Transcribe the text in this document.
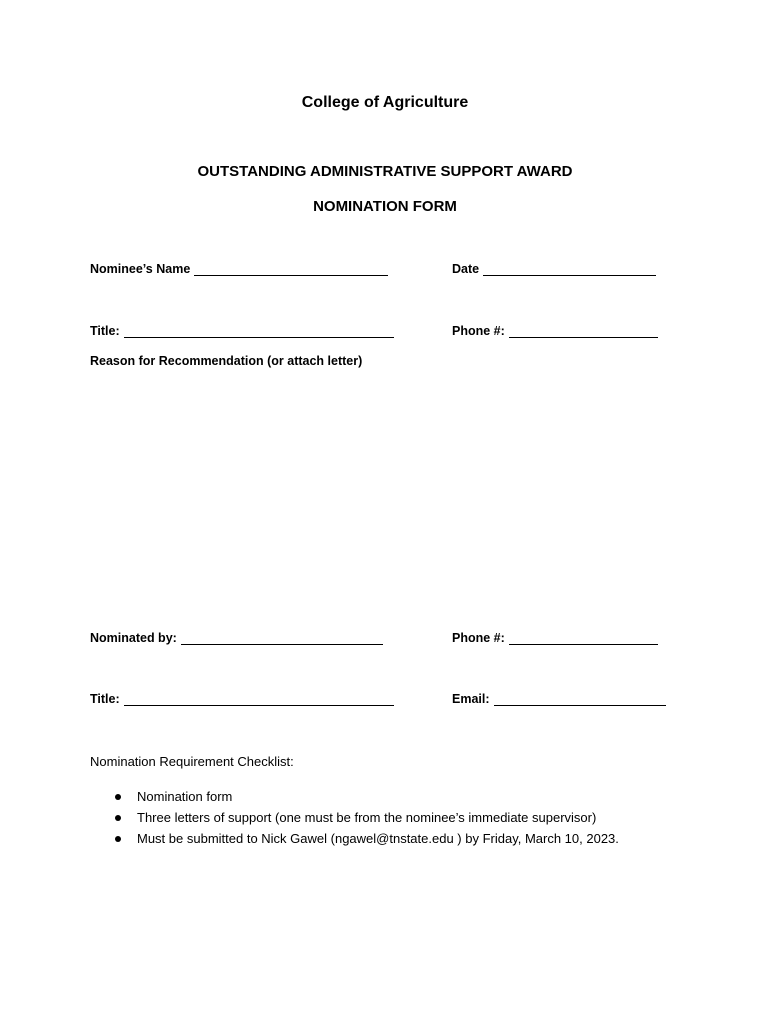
College of Agriculture
OUTSTANDING ADMINISTRATIVE SUPPORT AWARD
NOMINATION FORM
Nominee’s Name	Date
Title:	Phone #:
Reason for Recommendation (or attach letter)
Nominated by:	Phone #:
Title:	Email:
Nomination Requirement Checklist:
Nomination form
Three letters of support (one must be from the nominee’s immediate supervisor)
Must be submitted to Nick Gawel (ngawel@tnstate.edu ) by Friday, March 10, 2023.
